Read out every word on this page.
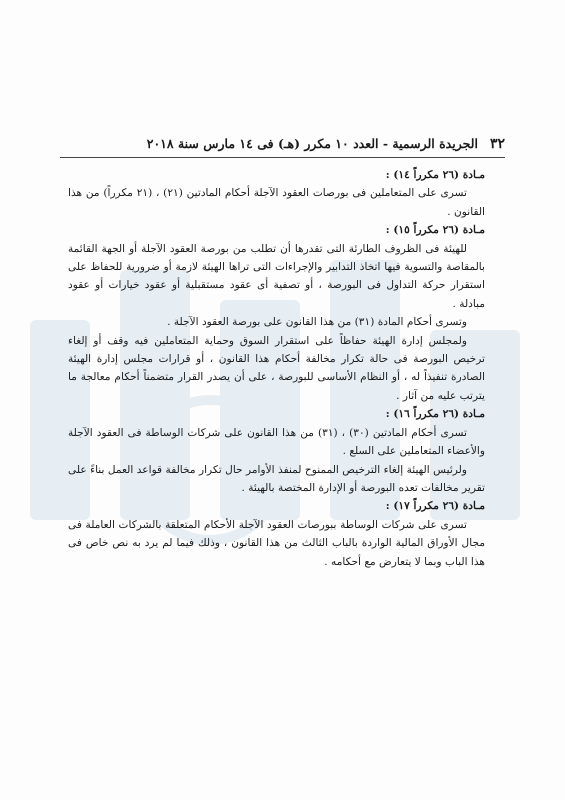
٣٢
الجريدة الرسمية - العدد ١٠ مكرر (هـ) فى ١٤ مارس سنة ٢٠١٨

مـادة (٢٦ مكرراً ١٤) :

تسرى على المتعاملين فى بورصات العقود الآجلة أحكام المادتين (٢١) ، (٢١ مكرراً) من هذا القانون .

مـادة (٢٦ مكرراً ١٥) :

للهيئة فى الظروف الطارئة التى تقدرها أن تطلب من بورصة العقود الآجلة أو الجهة القائمة بالمقاصة والتسوية فيها اتخاذ التدابير والإجراءات التى تراها الهيئة لازمة أو ضرورية للحفاظ على استقرار حركة التداول فى البورصة ، أو تصفية أى عقود مستقبلية أو عقود خيارات أو عقود مبادلة .

وتسرى أحكام المادة (٣١) من هذا القانون على بورصة العقود الآجلة .

ولمجلس إدارة الهيئة حفاظاً على استقرار السوق وحماية المتعاملين فيه وقف أو إلغاء ترخيص البورصة فى حالة تكرار مخالفة أحكام هذا القانون ، أو قرارات مجلس إدارة الهيئة الصادرة تنفيذاً له ، أو النظام الأساسى للبورصة ، على أن يصدر القرار متضمناً أحكام معالجة ما يترتب عليه من آثار .

مـادة (٢٦ مكرراً ١٦) :

تسرى أحكام المادتين (٣٠) ، (٣١) من هذا القانون على شركات الوساطة فى العقود الآجلة والأعضاء المتعاملين على السلع .

ولرئيس الهيئة إلغاء الترخيص الممنوح لمنفذ الأوامر حال تكرار مخالفة قواعد العمل بناءً على تقرير مخالفات تعده البورصة أو الإدارة المختصة بالهيئة .

مـادة (٢٦ مكرراً ١٧) :

تسرى على شركات الوساطة ببورصات العقود الآجلة الأحكام المتعلقة بالشركات العاملة فى مجال الأوراق المالية الواردة بالباب الثالث من هذا القانون ، وذلك فيما لم يرد به نص خاص فى هذا الباب وبما لا يتعارض مع أحكامه .
